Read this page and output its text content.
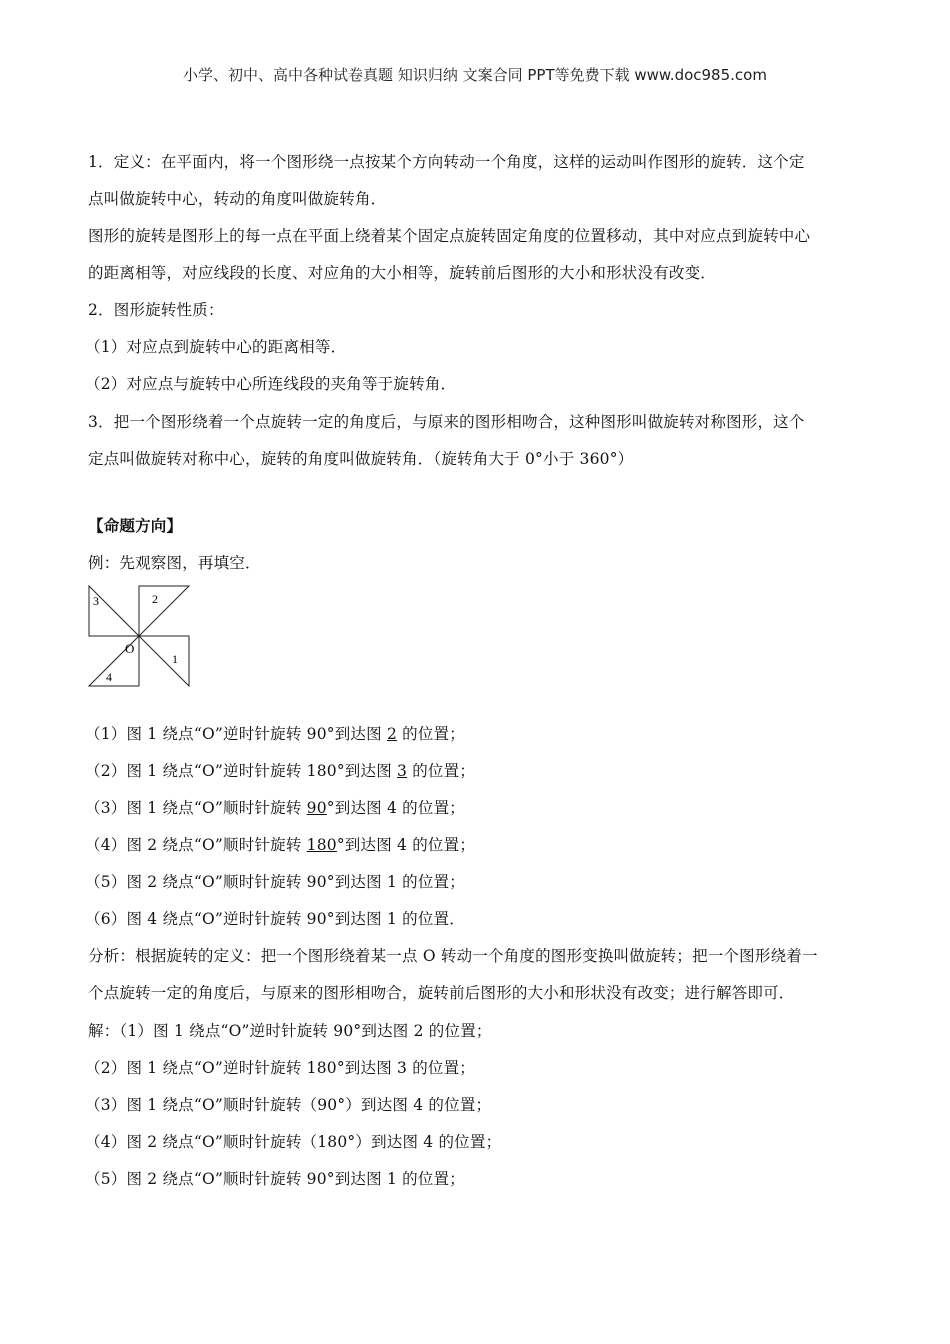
小学、初中、高中各种试卷真题 知识归纳 文案合同 PPT等免费下载 www.doc985.com
1．定义：在平面内，将一个图形绕一点按某个方向转动一个角度，这样的运动叫作图形的旋转．这个定
点叫做旋转中心，转动的角度叫做旋转角．
图形的旋转是图形上的每一点在平面上绕着某个固定点旋转固定角度的位置移动，其中对应点到旋转中心
的距离相等，对应线段的长度、对应角的大小相等，旋转前后图形的大小和形状没有改变．
2．图形旋转性质：
（1）对应点到旋转中心的距离相等．
（2）对应点与旋转中心所连线段的夹角等于旋转角．
3．把一个图形绕着一个点旋转一定的角度后，与原来的图形相吻合，这种图形叫做旋转对称图形，这个
定点叫做旋转对称中心，旋转的角度叫做旋转角．（旋转角大于 0°小于 360°）
【命题方向】
例：先观察图，再填空．
3	2
1
4
O
（1）图 1 绕点“O”逆时针旋转 90°到达图 2 的位置；
（2）图 1 绕点“O”逆时针旋转 180°到达图 3 的位置；
（3）图 1 绕点“O”顺时针旋转 90°到达图 4 的位置；
（4）图 2 绕点“O”顺时针旋转 180°到达图 4 的位置；
（5）图 2 绕点“O”顺时针旋转 90°到达图 1 的位置；
（6）图 4 绕点“O”逆时针旋转 90°到达图 1 的位置．
分析：根据旋转的定义：把一个图形绕着某一点 O 转动一个角度的图形变换叫做旋转；把一个图形绕着一
个点旋转一定的角度后，与原来的图形相吻合，旋转前后图形的大小和形状没有改变；进行解答即可．
解：（1）图 1 绕点“O”逆时针旋转 90°到达图 2 的位置；
（2）图 1 绕点“O”逆时针旋转 180°到达图 3 的位置；
（3）图 1 绕点“O”顺时针旋转（90°）到达图 4 的位置；
（4）图 2 绕点“O”顺时针旋转（180°）到达图 4 的位置；
（5）图 2 绕点“O”顺时针旋转 90°到达图 1 的位置；
